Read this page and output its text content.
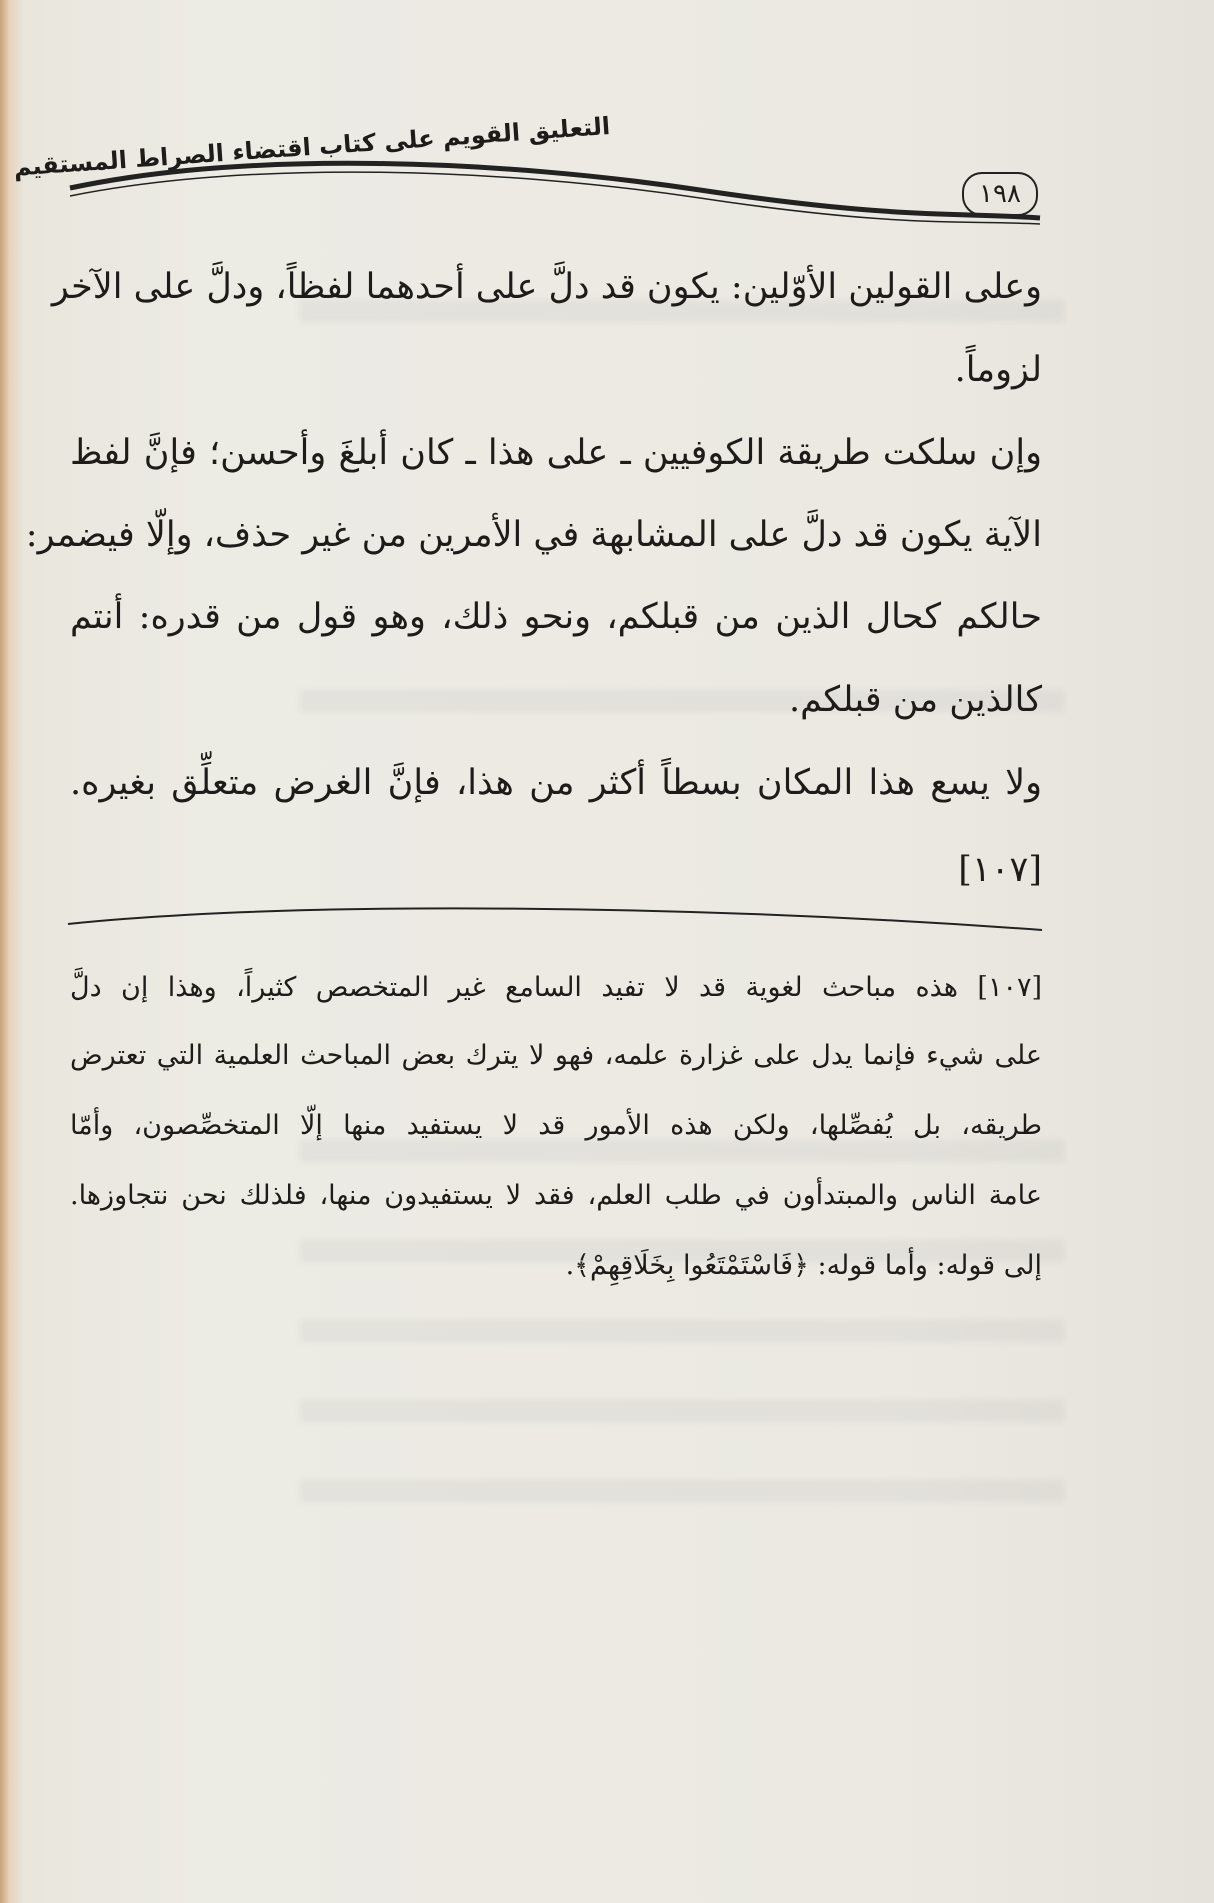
التعليق القويم على كتاب اقتضاء الصراط المستقيم
١٩٨
وعلى القولين الأوّلين: يكون قد دلَّ على أحدهما لفظاً، ودلَّ على الآخر
لزوماً.
وإن سلكت طريقة الكوفيين ـ على هذا ـ كان أبلغَ وأحسن؛ فإنَّ لفظ
الآية يكون قد دلَّ على المشابهة في الأمرين من غير حذف، وإلّا فيضمر:
حالكم كحال الذين من قبلكم، ونحو ذلك، وهو قول من قدره: أنتم
كالذين من قبلكم.
ولا يسع هذا المكان بسطاً أكثر من هذا، فإنَّ الغرض متعلِّق بغيره.
[١٠٧]
[١٠٧] هذه مباحث لغوية قد لا تفيد السامع غير المتخصص كثيراً، وهذا إن دلَّ
على شيء فإنما يدل على غزارة علمه، فهو لا يترك بعض المباحث العلمية التي تعترض
طريقه، بل يُفصِّلها، ولكن هذه الأمور قد لا يستفيد منها إلّا المتخصِّصون، وأمّا
عامة الناس والمبتدأون في طلب العلم، فقد لا يستفيدون منها، فلذلك نحن نتجاوزها.
إلى قوله: وأما قوله: ﴿فَاسْتَمْتَعُوا بِخَلَاقِهِمْ﴾.
